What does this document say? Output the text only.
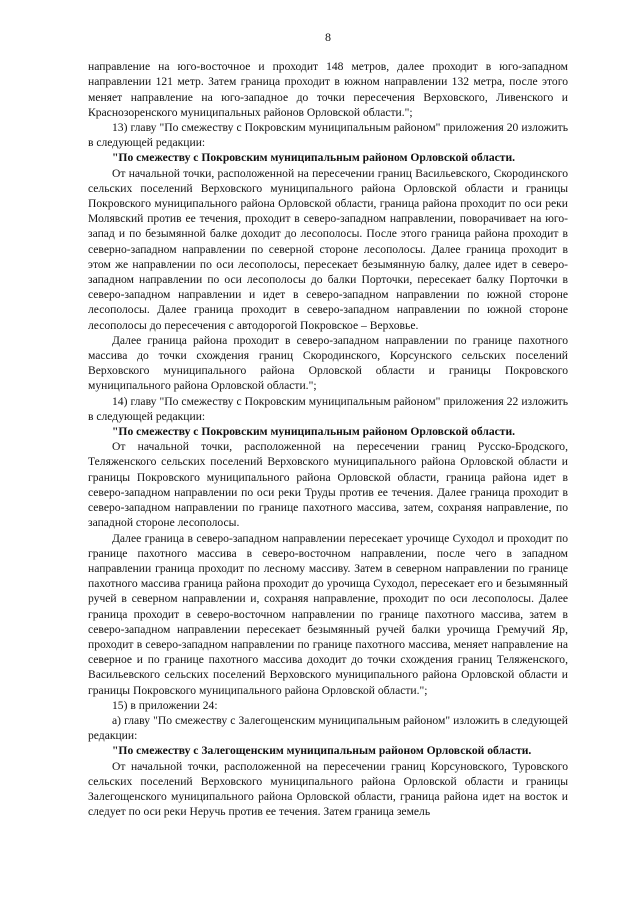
8

направление на юго-восточное и проходит 148 метров, далее проходит в юго-западном направлении 121 метр. Затем граница проходит в южном направлении 132 метра, после этого меняет направление на юго-западное до точки пересечения Верховского, Ливенского и Краснозоренского муниципальных районов Орловской области.";

13) главу "По смежеству с Покровским муниципальным районом" приложения 20 изложить в следующей редакции:

"По смежеству с Покровским муниципальным районом Орловской области.

От начальной точки, расположенной на пересечении границ Васильевского, Скородинского сельских поселений Верховского муниципального района Орловской области и границы Покровского муниципального района Орловской области, граница района проходит по оси реки Молявский против ее течения, проходит в северо-западном направлении, поворачивает на юго-запад и по безымянной балке доходит до лесополосы. После этого граница района проходит в северно-западном направлении по северной стороне лесополосы. Далее граница проходит в этом же направлении по оси лесополосы, пересекает безымянную балку, далее идет в северо-западном направлении по оси лесополосы до балки Порточки, пересекает балку Порточки в северо-западном направлении и идет в северо-западном направлении по южной стороне лесополосы. Далее граница проходит в северо-западном направлении по южной стороне лесополосы до пересечения с автодорогой Покровское – Верховье.

Далее граница района проходит в северо-западном направлении по границе пахотного массива до точки схождения границ Скородинского, Корсунского сельских поселений Верховского муниципального района Орловской области и границы Покровского муниципального района Орловской области.";

14) главу "По смежеству с Покровским муниципальным районом" приложения 22 изложить в следующей редакции:

"По смежеству с Покровским муниципальным районом Орловской области.

От начальной точки, расположенной на пересечении границ Русско-Бродского, Теляженского сельских поселений Верховского муниципального района Орловской области и границы Покровского муниципального района Орловской области, граница района идет в северо-западном направлении по оси реки Труды против ее течения. Далее граница проходит в северо-западном направлении по границе пахотного массива, затем, сохраняя направление, по западной стороне лесополосы.

Далее граница в северо-западном направлении пересекает урочище Суходол и проходит по границе пахотного массива в северо-восточном направлении, после чего в западном направлении граница проходит по лесному массиву. Затем в северном направлении по границе пахотного массива граница района проходит до урочища Суходол, пересекает его и безымянный ручей в северном направлении и, сохраняя направление, проходит по оси лесополосы. Далее граница проходит в северо-восточном направлении по границе пахотного массива, затем в северо-западном направлении пересекает безымянный ручей балки урочища Гремучий Яр, проходит в северо-западном направлении по границе пахотного массива, меняет направление на северное и по границе пахотного массива доходит до точки схождения границ Теляженского, Васильевского сельских поселений Верховского муниципального района Орловской области и границы Покровского муниципального района Орловской области.";

15) в приложении 24:

а) главу "По смежеству с Залегощенским муниципальным районом" изложить в следующей редакции:

"По смежеству с Залегощенским муниципальным районом Орловской области.

От начальной точки, расположенной на пересечении границ Корсуновского, Туровского сельских поселений Верховского муниципального района Орловской области и границы Залегощенского муниципального района Орловской области, граница района идет на восток и следует по оси реки Неручь против ее течения. Затем граница земель
